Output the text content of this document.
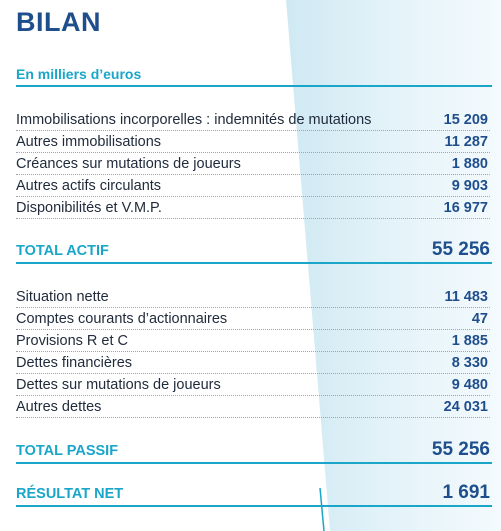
BILAN
En milliers d’euros
Immobilisations incorporelles : indemnités de mutations	15 209
Autres immobilisations	11 287
Créances sur mutations de joueurs	1 880
Autres actifs circulants	9 903
Disponibilités et V.M.P.	16 977
TOTAL ACTIF	55 256
Situation nette	11 483
Comptes courants d’actionnaires	47
Provisions R et C	1 885
Dettes financières	8 330
Dettes sur mutations de joueurs	9 480
Autres dettes	24 031
TOTAL PASSIF	55 256
RÉSULTAT NET	1 691
